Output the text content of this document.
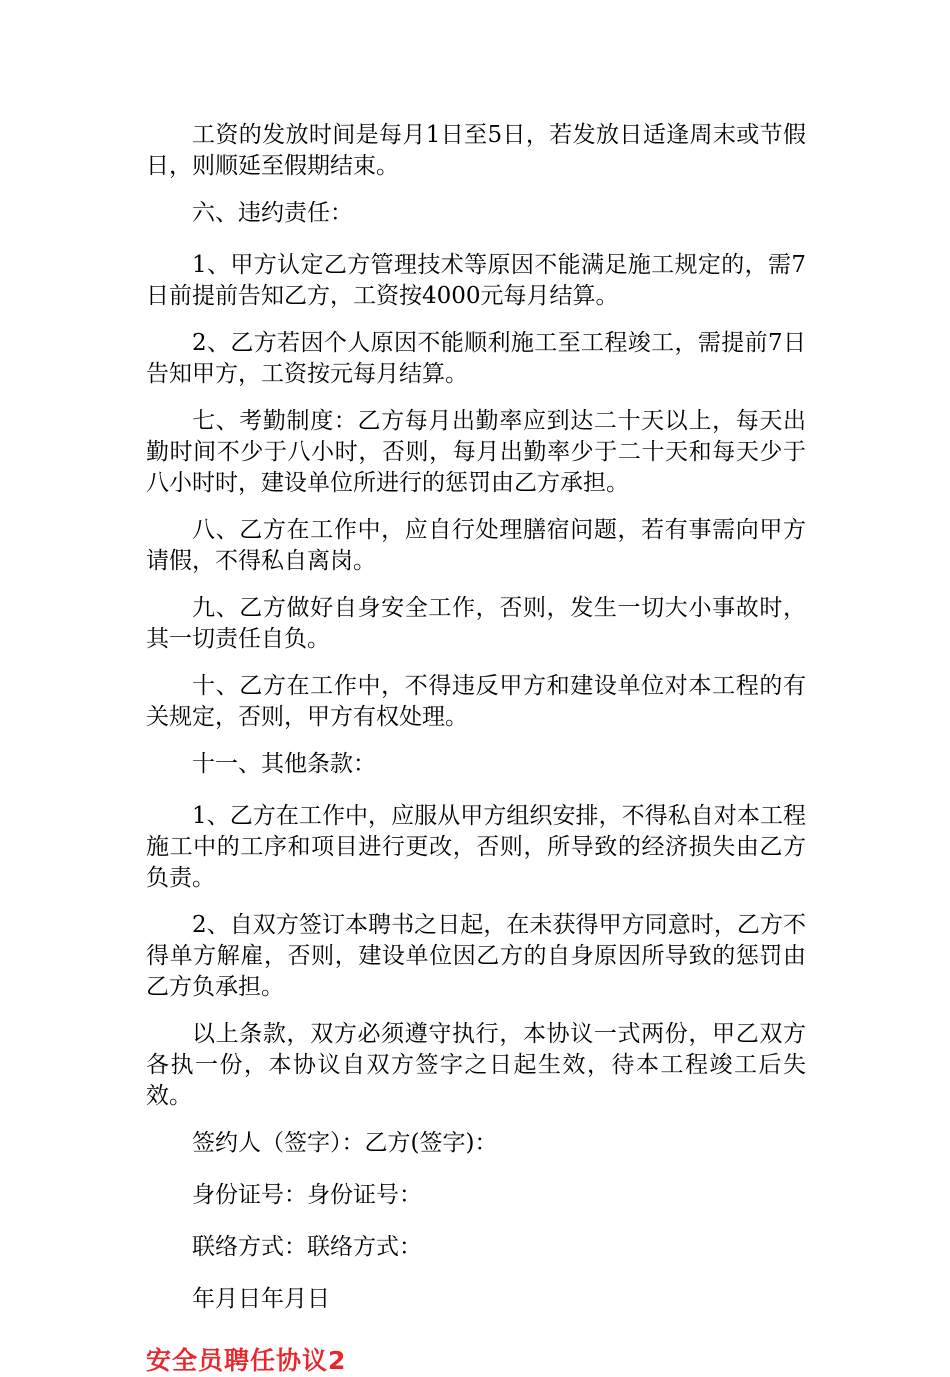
工资的发放时间是每月1日至5日，若发放日适逢周末或节假日，则顺延至假期结束。

六、违约责任：

1、甲方认定乙方管理技术等原因不能满足施工规定的，需7日前提前告知乙方，工资按4000元每月结算。

2、乙方若因个人原因不能顺利施工至工程竣工，需提前7日告知甲方，工资按元每月结算。

七、考勤制度：乙方每月出勤率应到达二十天以上，每天出勤时间不少于八小时，否则，每月出勤率少于二十天和每天少于八小时时，建设单位所进行的惩罚由乙方承担。

八、乙方在工作中，应自行处理膳宿问题，若有事需向甲方请假，不得私自离岗。

九、乙方做好自身安全工作，否则，发生一切大小事故时，其一切责任自负。

十、乙方在工作中，不得违反甲方和建设单位对本工程的有关规定，否则，甲方有权处理。

十一、其他条款：

1、乙方在工作中，应服从甲方组织安排，不得私自对本工程施工中的工序和项目进行更改，否则，所导致的经济损失由乙方负责。

2、自双方签订本聘书之日起，在未获得甲方同意时，乙方不得单方解雇，否则，建设单位因乙方的自身原因所导致的惩罚由乙方负承担。

以上条款，双方必须遵守执行，本协议一式两份，甲乙双方各执一份，本协议自双方签字之日起生效，待本工程竣工后失效。

签约人（签字）：乙方(签字)：

身份证号：身份证号：

联络方式：联络方式：

年月日年月日

安全员聘任协议2
